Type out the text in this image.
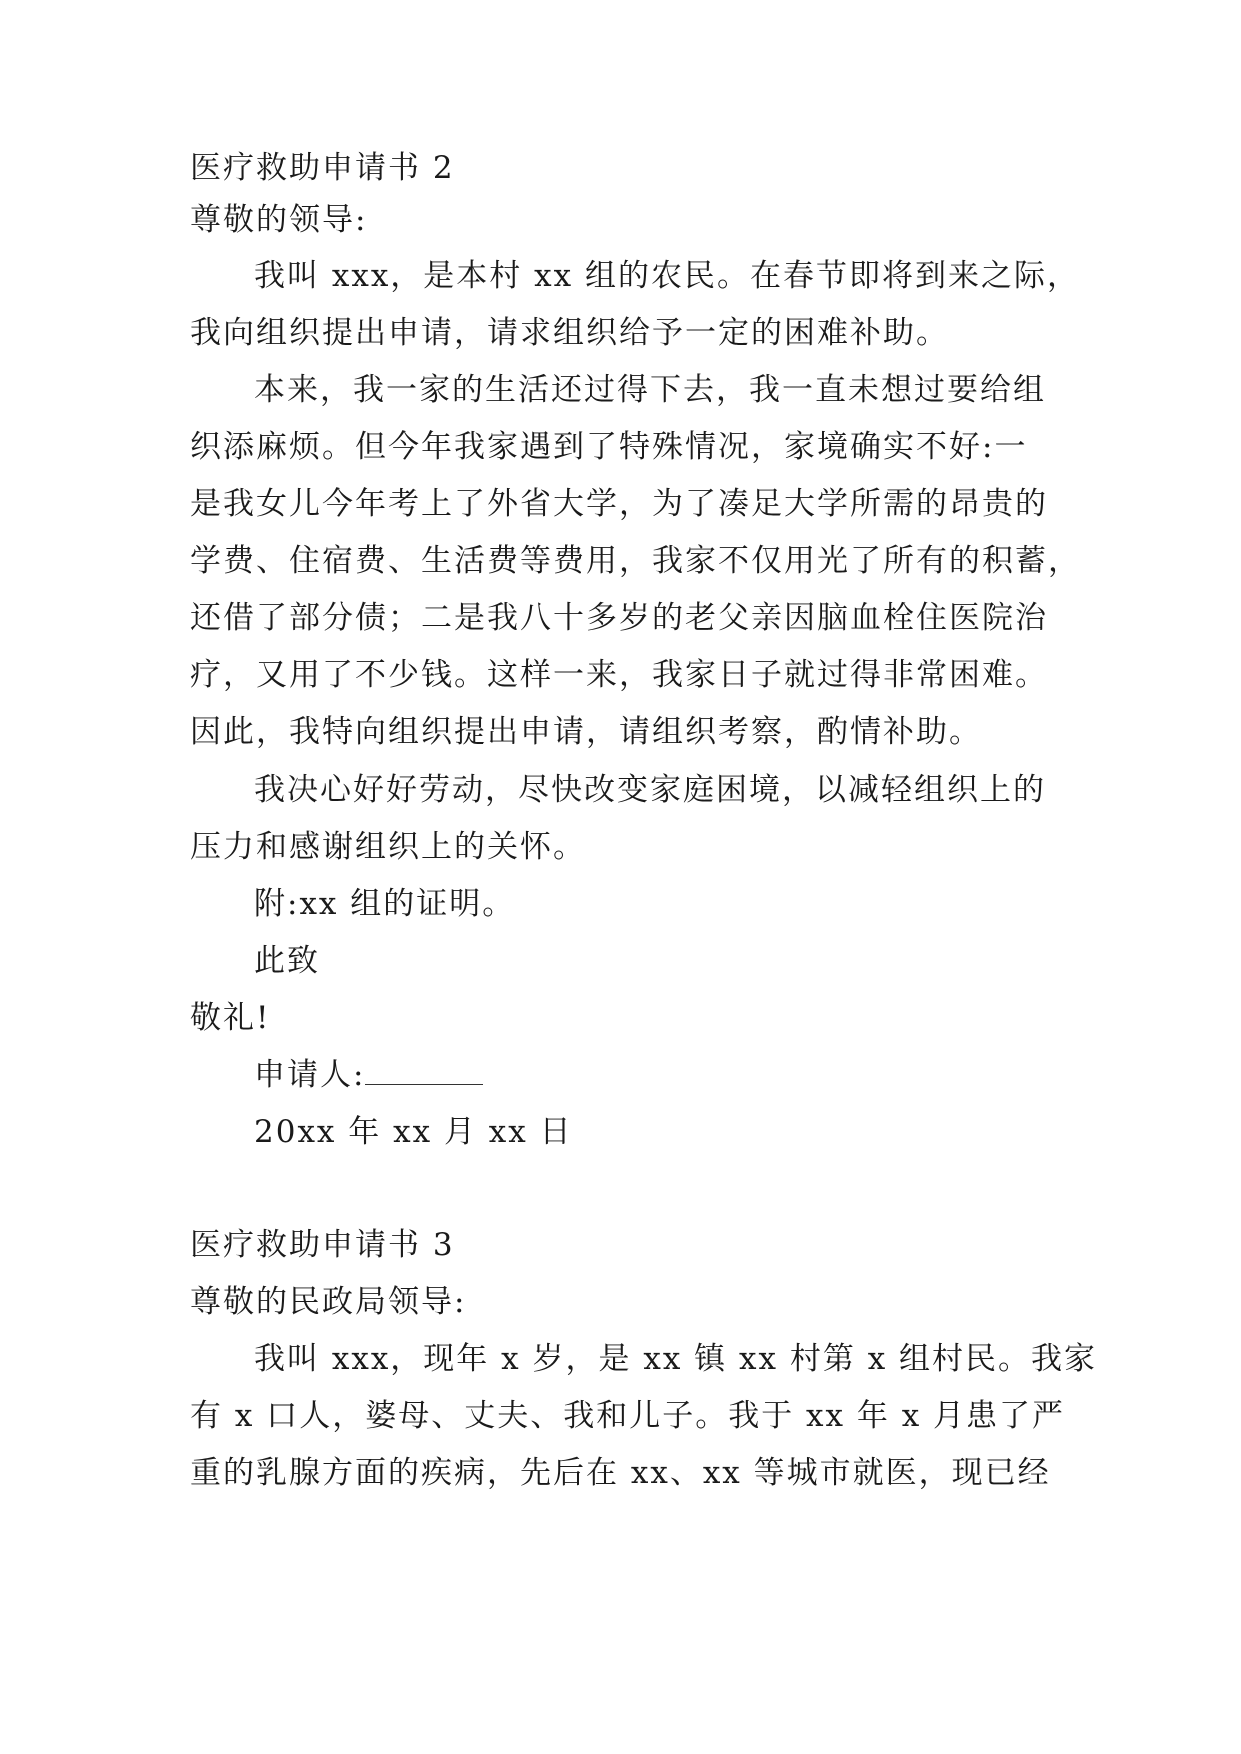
医疗救助申请书 2
尊敬的领导:
我叫 xxx，是本村 xx 组的农民。在春节即将到来之际，
我向组织提出申请，请求组织给予一定的困难补助。
本来，我一家的生活还过得下去，我一直未想过要给组
织添麻烦。但今年我家遇到了特殊情况，家境确实不好:一
是我女儿今年考上了外省大学，为了凑足大学所需的昂贵的
学费、住宿费、生活费等费用，我家不仅用光了所有的积蓄，
还借了部分债；二是我八十多岁的老父亲因脑血栓住医院治
疗，又用了不少钱。这样一来，我家日子就过得非常困难。
因此，我特向组织提出申请，请组织考察，酌情补助。
我决心好好劳动，尽快改变家庭困境，以减轻组织上的
压力和感谢组织上的关怀。
附:xx 组的证明。
此致
敬礼!
申请人:
20xx 年 xx 月 xx 日
医疗救助申请书 3
尊敬的民政局领导:
我叫 xxx，现年 x 岁，是 xx 镇 xx 村第 x 组村民。我家
有 x 口人，婆母、丈夫、我和儿子。我于 xx 年 x 月患了严
重的乳腺方面的疾病，先后在 xx、xx 等城市就医，现已经
